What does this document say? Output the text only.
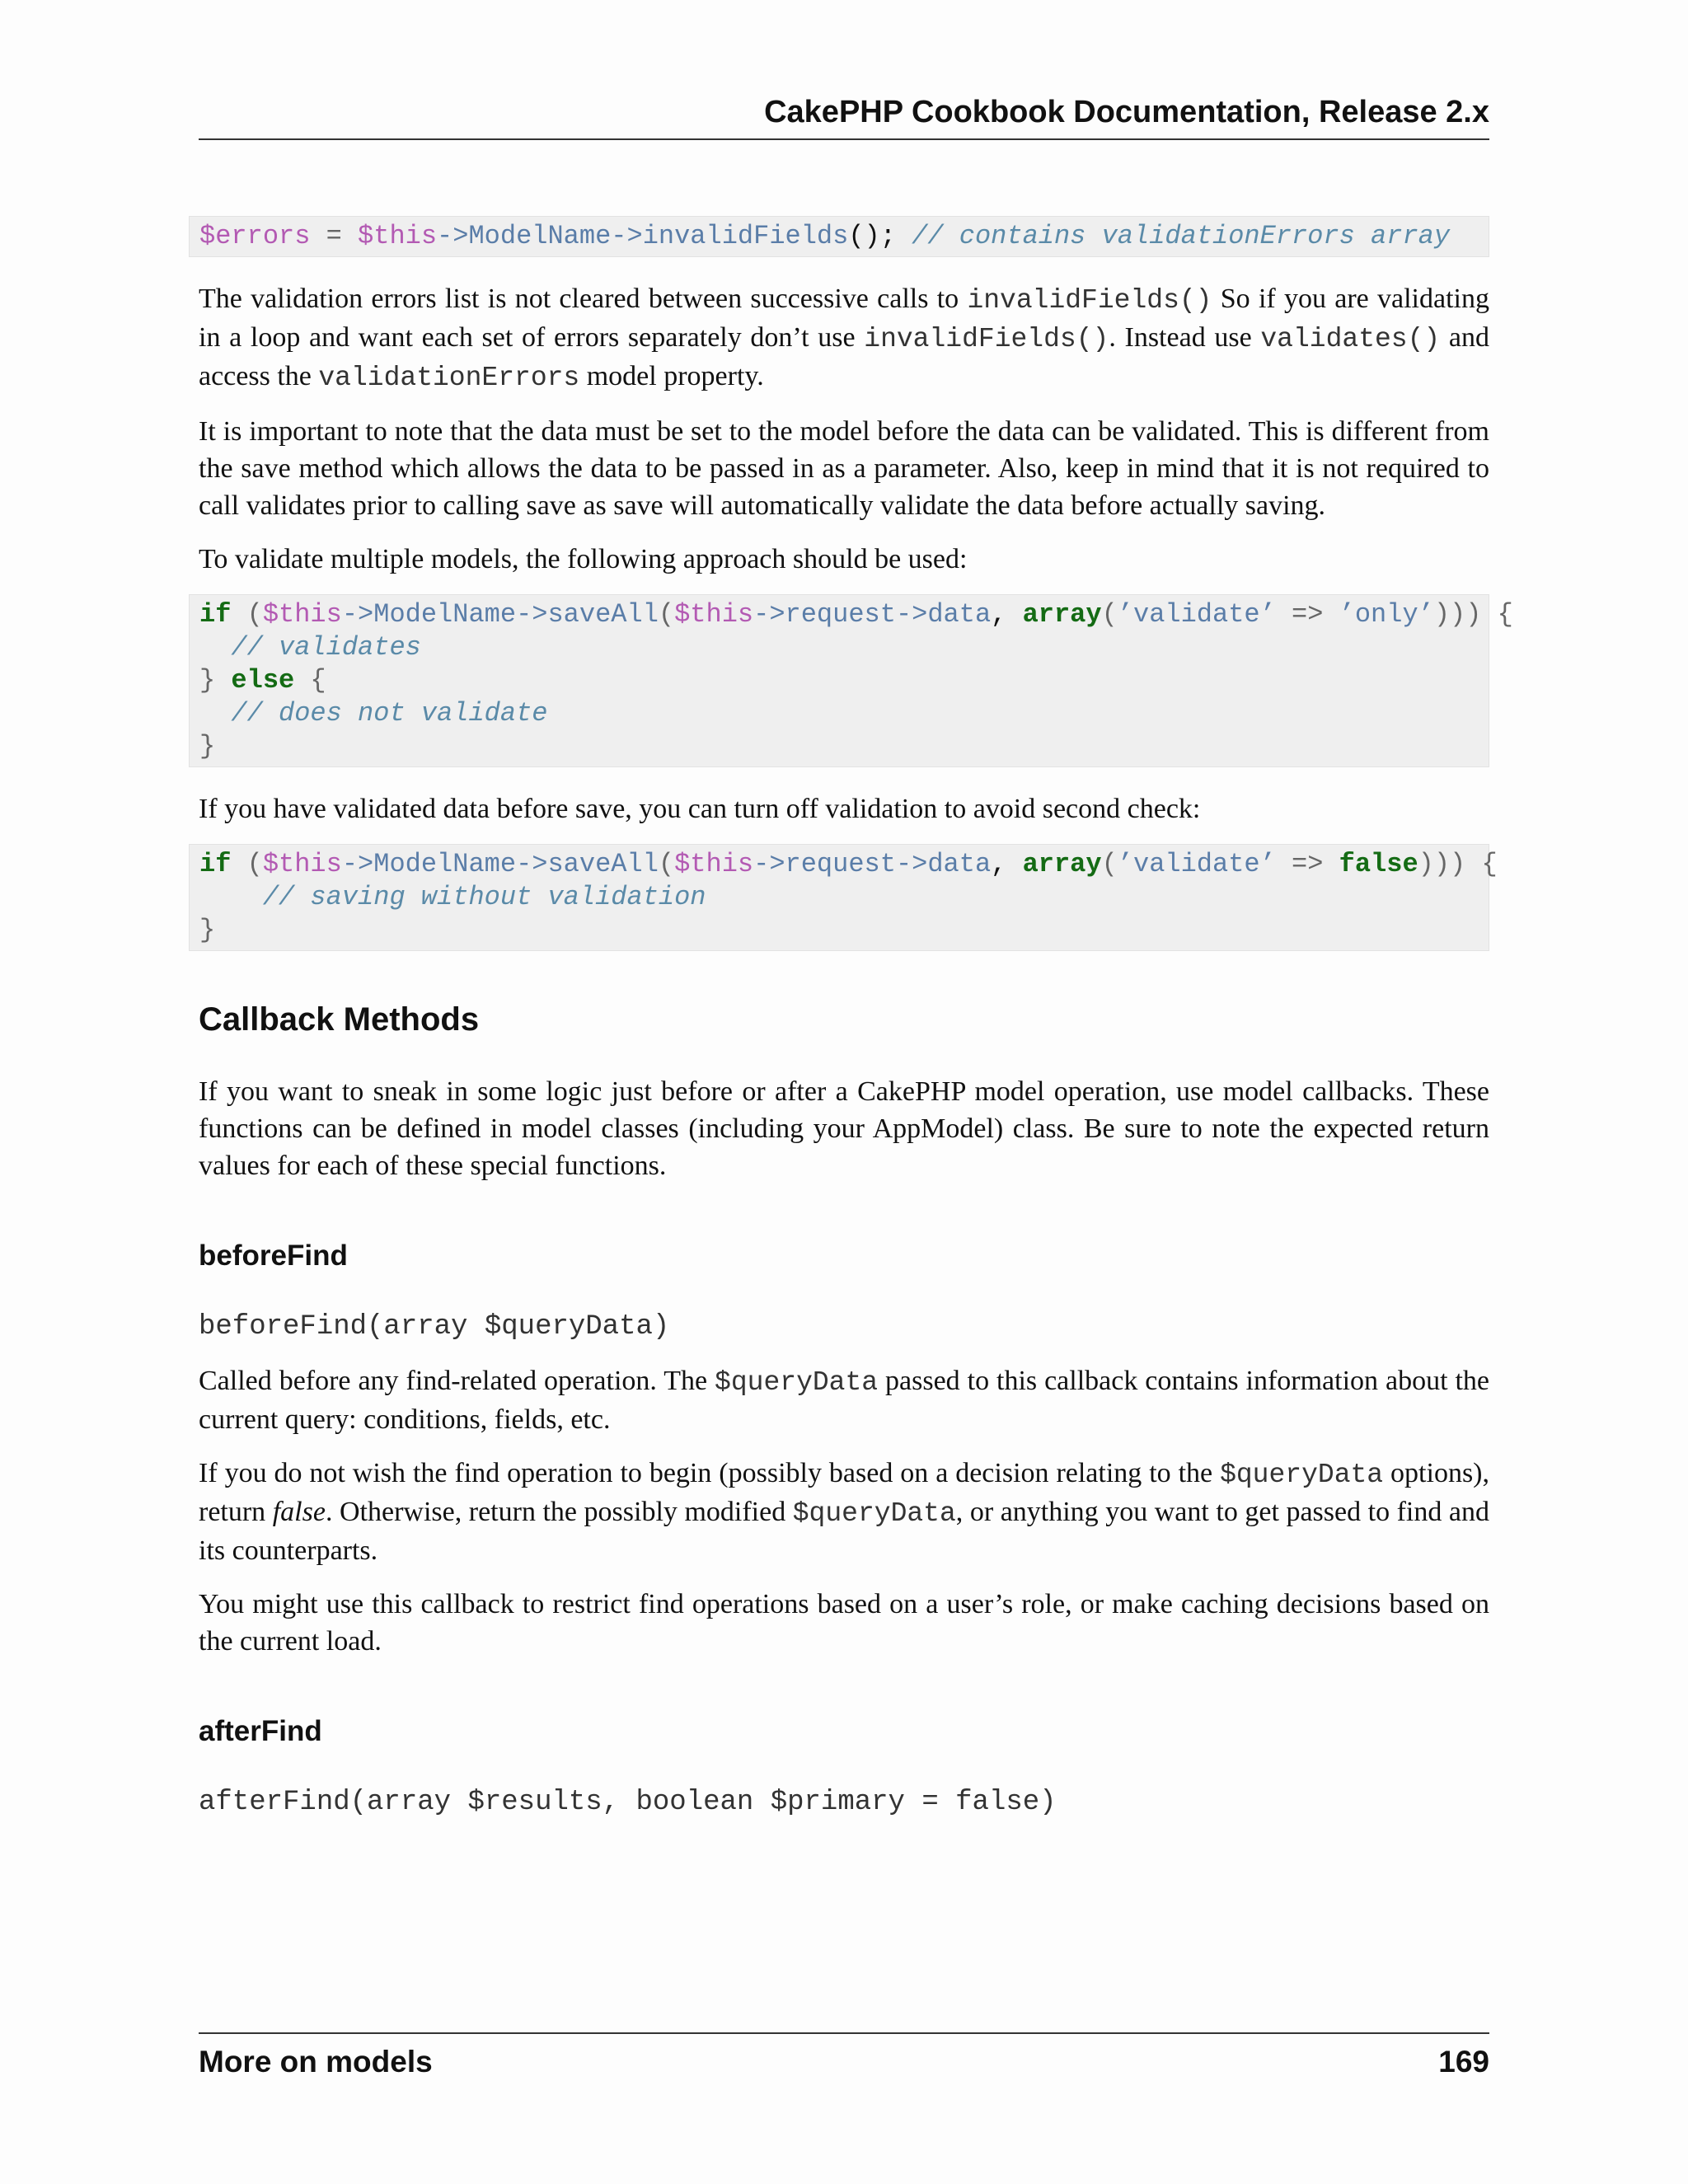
CakePHP Cookbook Documentation, Release 2.x
$errors = $this->ModelName->invalidFields(); // contains validationErrors array

The validation errors list is not cleared between successive calls to invalidFields() So if you are validating in a loop and want each set of errors separately don’t use invalidFields(). Instead use validates() and access the validationErrors model property.

It is important to note that the data must be set to the model before the data can be validated. This is different from the save method which allows the data to be passed in as a parameter. Also, keep in mind that it is not required to call validates prior to calling save as save will automatically validate the data before actually saving.

To validate multiple models, the following approach should be used:

if ($this->ModelName->saveAll($this->request->data, array(’validate’ => ’only’))) {
// validates
} else {
// does not validate
}

If you have validated data before save, you can turn off validation to avoid second check:

if ($this->ModelName->saveAll($this->request->data, array(’validate’ => false))) {
// saving without validation
}
Callback Methods

If you want to sneak in some logic just before or after a CakePHP model operation, use model callbacks. These functions can be defined in model classes (including your AppModel) class. Be sure to note the expected return values for each of these special functions.

beforeFind
beforeFind(array $queryData)

Called before any find-related operation. The $queryData passed to this callback contains information about the current query: conditions, fields, etc.

If you do not wish the find operation to begin (possibly based on a decision relating to the $queryData options), return false. Otherwise, return the possibly modified $queryData, or anything you want to get passed to find and its counterparts.

You might use this callback to restrict find operations based on a user’s role, or make caching decisions based on the current load.

afterFind
afterFind(array $results, boolean $primary = false)
More on models	169
